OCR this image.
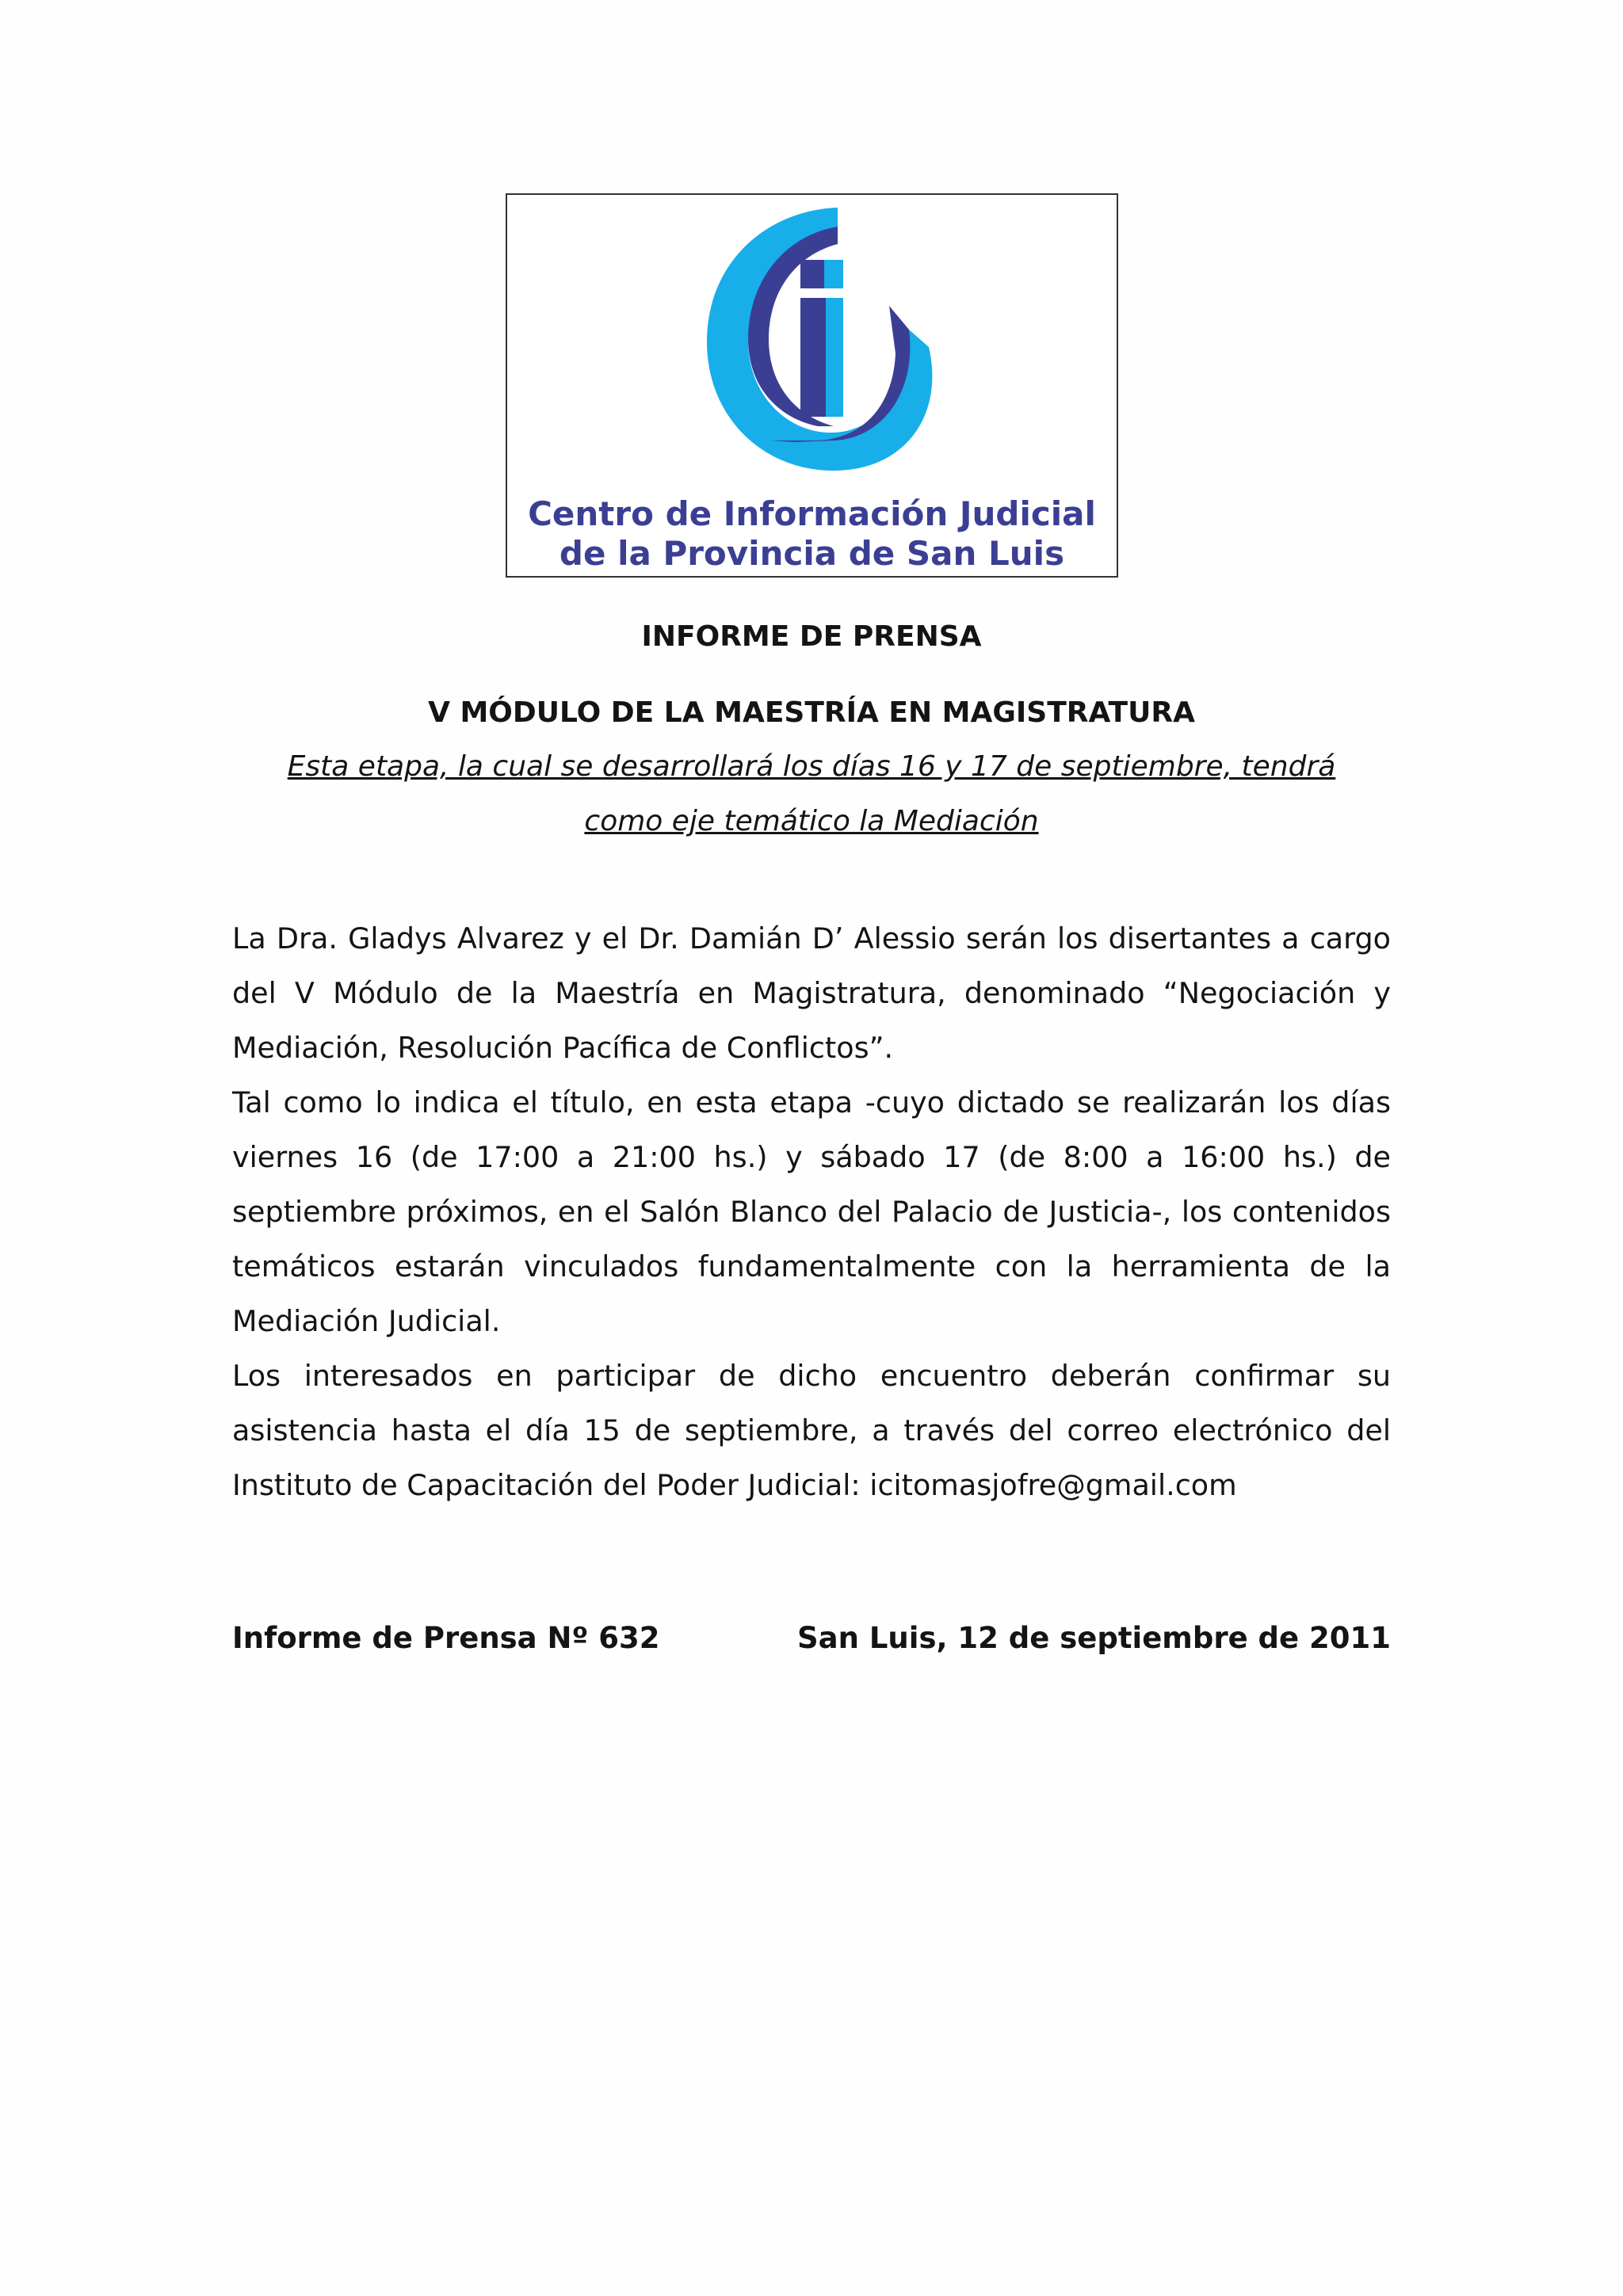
Centro de Información Judicial
de la Provincia de San Luis
INFORME DE PRENSA
V MÓDULO DE LA MAESTRÍA EN MAGISTRATURA
Esta etapa, la cual se desarrollará los días 16 y 17 de septiembre, tendrá
como eje temático la Mediación

La Dra. Gladys Alvarez y el Dr. Damián D’ Alessio serán los disertantes a cargo del V Módulo de la Maestría en Magistratura, denominado “Negociación y Mediación, Resolución Pacífica de Conflictos”.

Tal como lo indica el título, en esta etapa -cuyo dictado se realizarán los días viernes 16 (de 17:00 a 21:00 hs.) y sábado 17 (de 8:00 a 16:00 hs.) de septiembre próximos, en el Salón Blanco del Palacio de Justicia-, los contenidos temáticos estarán vinculados fundamentalmente con la herramienta de la Mediación Judicial.

Los interesados en participar de dicho encuentro deberán confirmar su asistencia hasta el día 15 de septiembre, a través del correo electrónico del Instituto de Capacitación del Poder Judicial: icitomasjofre@gmail.com

Informe de Prensa Nº 632	San Luis, 12 de septiembre de 2011
